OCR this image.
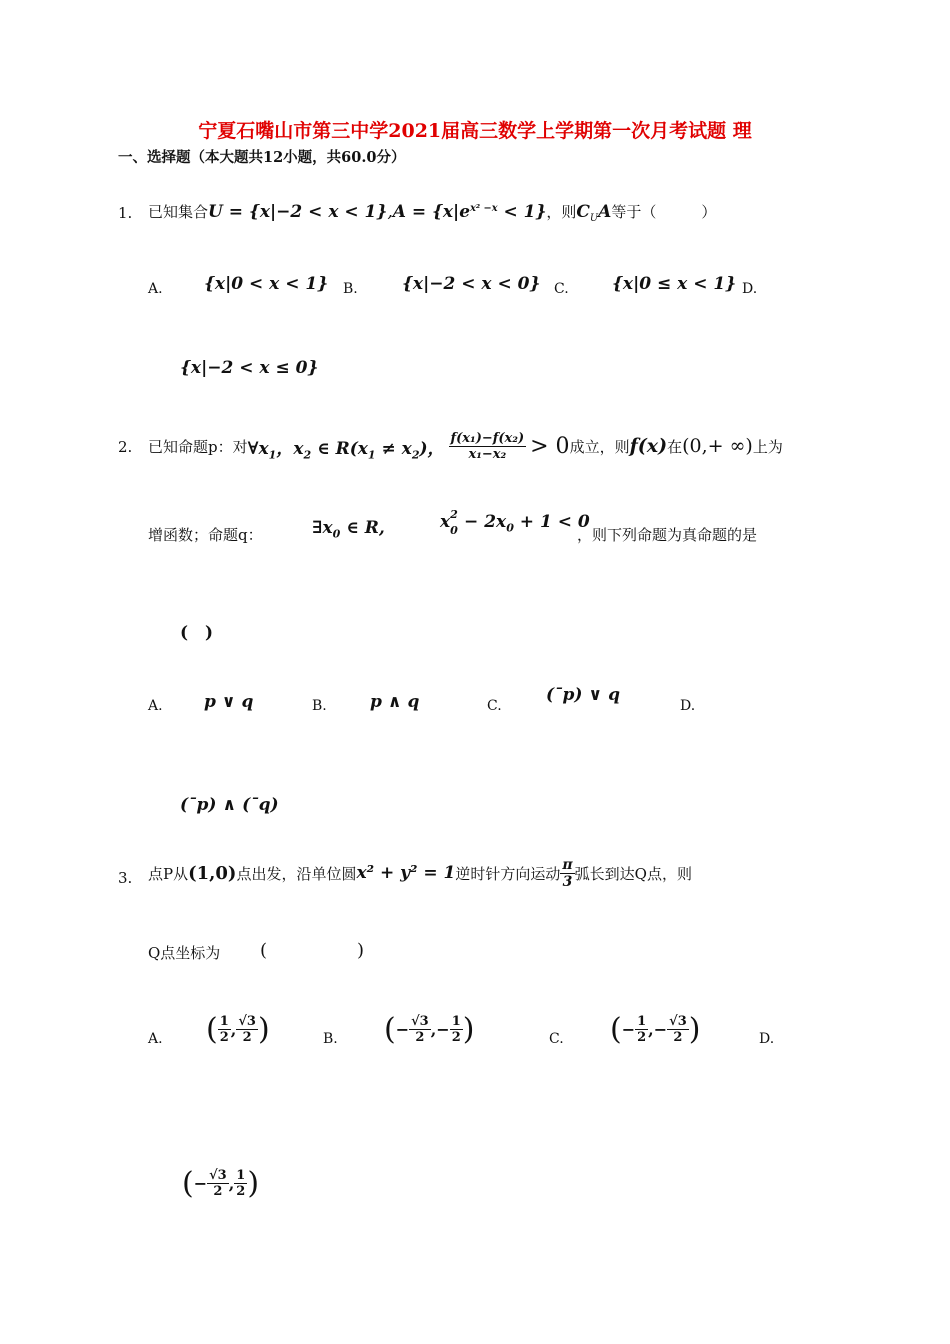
宁夏石嘴山市第三中学2021届高三数学上学期第一次月考试题 理
一、选择题（本大题共12小题，共60.0分）
1. 已知集合$U = \{x|-2 < x < 1\},A = \{x|e^{x^2 -x} < 1\}$，则$C_UA$等于（　　　）
A. {x|0 < x < 1} B.	{x|−2 < x < 0} C.	{x|0 ≤ x < 1} D.
{x|−2 < x ≤ 0}
2. 已知命题p：对 $\forall x_1$，$x_2$ ∈ $R(x_1 \ne x_2)$， $\frac{\text{f(x₁)−f(x₂)}}{\text{x₁−x₂}} > 0$ 成立，则 f(x) 在 (0,+ ∞) 上为
增函数；命题q：	$\exists x_0$ ∈ R,	x 2
$0 - 2x_0 + 1 < 0$
，则下列命题为真命题的是
(　)
A. p ∨ q	B.	p ∧ q	C.
(¯p) ∨ q
D.
(¯p) ∧ (¯q)
3. 点P从 (1,0) 点出发，沿单位圆 x² + y² = 1 逆时针方向运动 $\frac{\pi}{3}$ 弧长到达Q点，则
Q点坐标为 (　　　　　)
A. ( $\frac{1}{2}$ , $\frac{√3}{2}$ )	B. (− $\frac{√3}{2}$ ,− $\frac{1}{2}$ )	C. (− $\frac{1}{2}$ ,− $\frac{√3}{2}$ )	D.
(− $\frac{√3}{2}$ , $\frac{1}{2}$ )
